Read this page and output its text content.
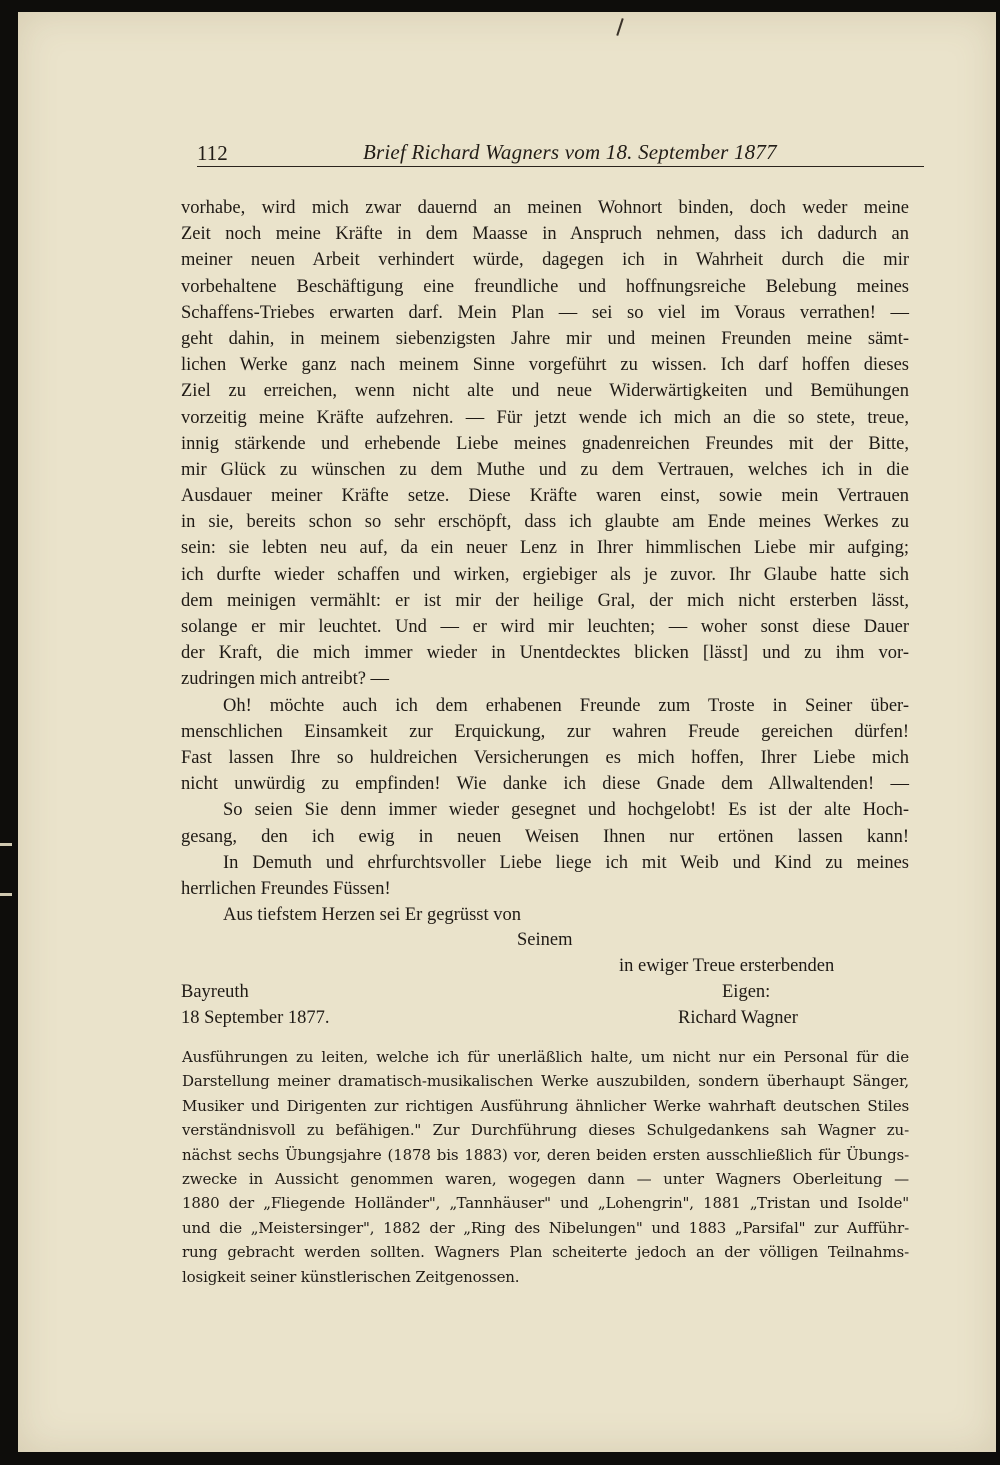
112	Brief Richard Wagners vom 18. September 1877
vorhabe, wird mich zwar dauernd an meinen Wohnort binden, doch weder meine
Zeit noch meine Kräfte in dem Maasse in Anspruch nehmen, dass ich dadurch an
meiner neuen Arbeit verhindert würde, dagegen ich in Wahrheit durch die mir
vorbehaltene Beschäftigung eine freundliche und hoffnungsreiche Belebung meines
Schaffens-Triebes erwarten darf. Mein Plan — sei so viel im Voraus verrathen! —
geht dahin, in meinem siebenzigsten Jahre mir und meinen Freunden meine sämt-
lichen Werke ganz nach meinem Sinne vorgeführt zu wissen. Ich darf hoffen dieses
Ziel zu erreichen, wenn nicht alte und neue Widerwärtigkeiten und Bemühungen
vorzeitig meine Kräfte aufzehren. — Für jetzt wende ich mich an die so stete, treue,
innig stärkende und erhebende Liebe meines gnadenreichen Freundes mit der Bitte,
mir Glück zu wünschen zu dem Muthe und zu dem Vertrauen, welches ich in die
Ausdauer meiner Kräfte setze. Diese Kräfte waren einst, sowie mein Vertrauen
in sie, bereits schon so sehr erschöpft, dass ich glaubte am Ende meines Werkes zu
sein: sie lebten neu auf, da ein neuer Lenz in Ihrer himmlischen Liebe mir aufging;
ich durfte wieder schaffen und wirken, ergiebiger als je zuvor. Ihr Glaube hatte sich
dem meinigen vermählt: er ist mir der heilige Gral, der mich nicht ersterben lässt,
solange er mir leuchtet. Und — er wird mir leuchten; — woher sonst diese Dauer
der Kraft, die mich immer wieder in Unentdecktes blicken [lässt] und zu ihm vor-
zudringen mich antreibt? —
Oh! möchte auch ich dem erhabenen Freunde zum Troste in Seiner über-
menschlichen Einsamkeit zur Erquickung, zur wahren Freude gereichen dürfen!
Fast lassen Ihre so huldreichen Versicherungen es mich hoffen, Ihrer Liebe mich
nicht unwürdig zu empfinden! Wie danke ich diese Gnade dem Allwaltenden! —
So seien Sie denn immer wieder gesegnet und hochgelobt! Es ist der alte Hoch-
gesang, den ich ewig in neuen Weisen Ihnen nur ertönen lassen kann!
In Demuth und ehrfurchtsvoller Liebe liege ich mit Weib und Kind zu meines
herrlichen Freundes Füssen!
Aus tiefstem Herzen sei Er gegrüsst von
Seinem
in ewiger Treue ersterbenden
Bayreuth	Eigen:
18 September 1877.	Richard Wagner
Ausführungen zu leiten, welche ich für unerläßlich halte, um nicht nur ein Personal für die
Darstellung meiner dramatisch-musikalischen Werke auszubilden, sondern überhaupt Sänger,
Musiker und Dirigenten zur richtigen Ausführung ähnlicher Werke wahrhaft deutschen Stiles
verständnisvoll zu befähigen." Zur Durchführung dieses Schulgedankens sah Wagner zu-
nächst sechs Übungsjahre (1878 bis 1883) vor, deren beiden ersten ausschließlich für Übungs-
zwecke in Aussicht genommen waren, wogegen dann — unter Wagners Oberleitung —
1880 der „Fliegende Holländer", „Tannhäuser" und „Lohengrin", 1881 „Tristan und Isolde"
und die „Meistersinger", 1882 der „Ring des Nibelungen" und 1883 „Parsifal" zur Aufführ-
rung gebracht werden sollten. Wagners Plan scheiterte jedoch an der völligen Teilnahms-
losigkeit seiner künstlerischen Zeitgenossen.
